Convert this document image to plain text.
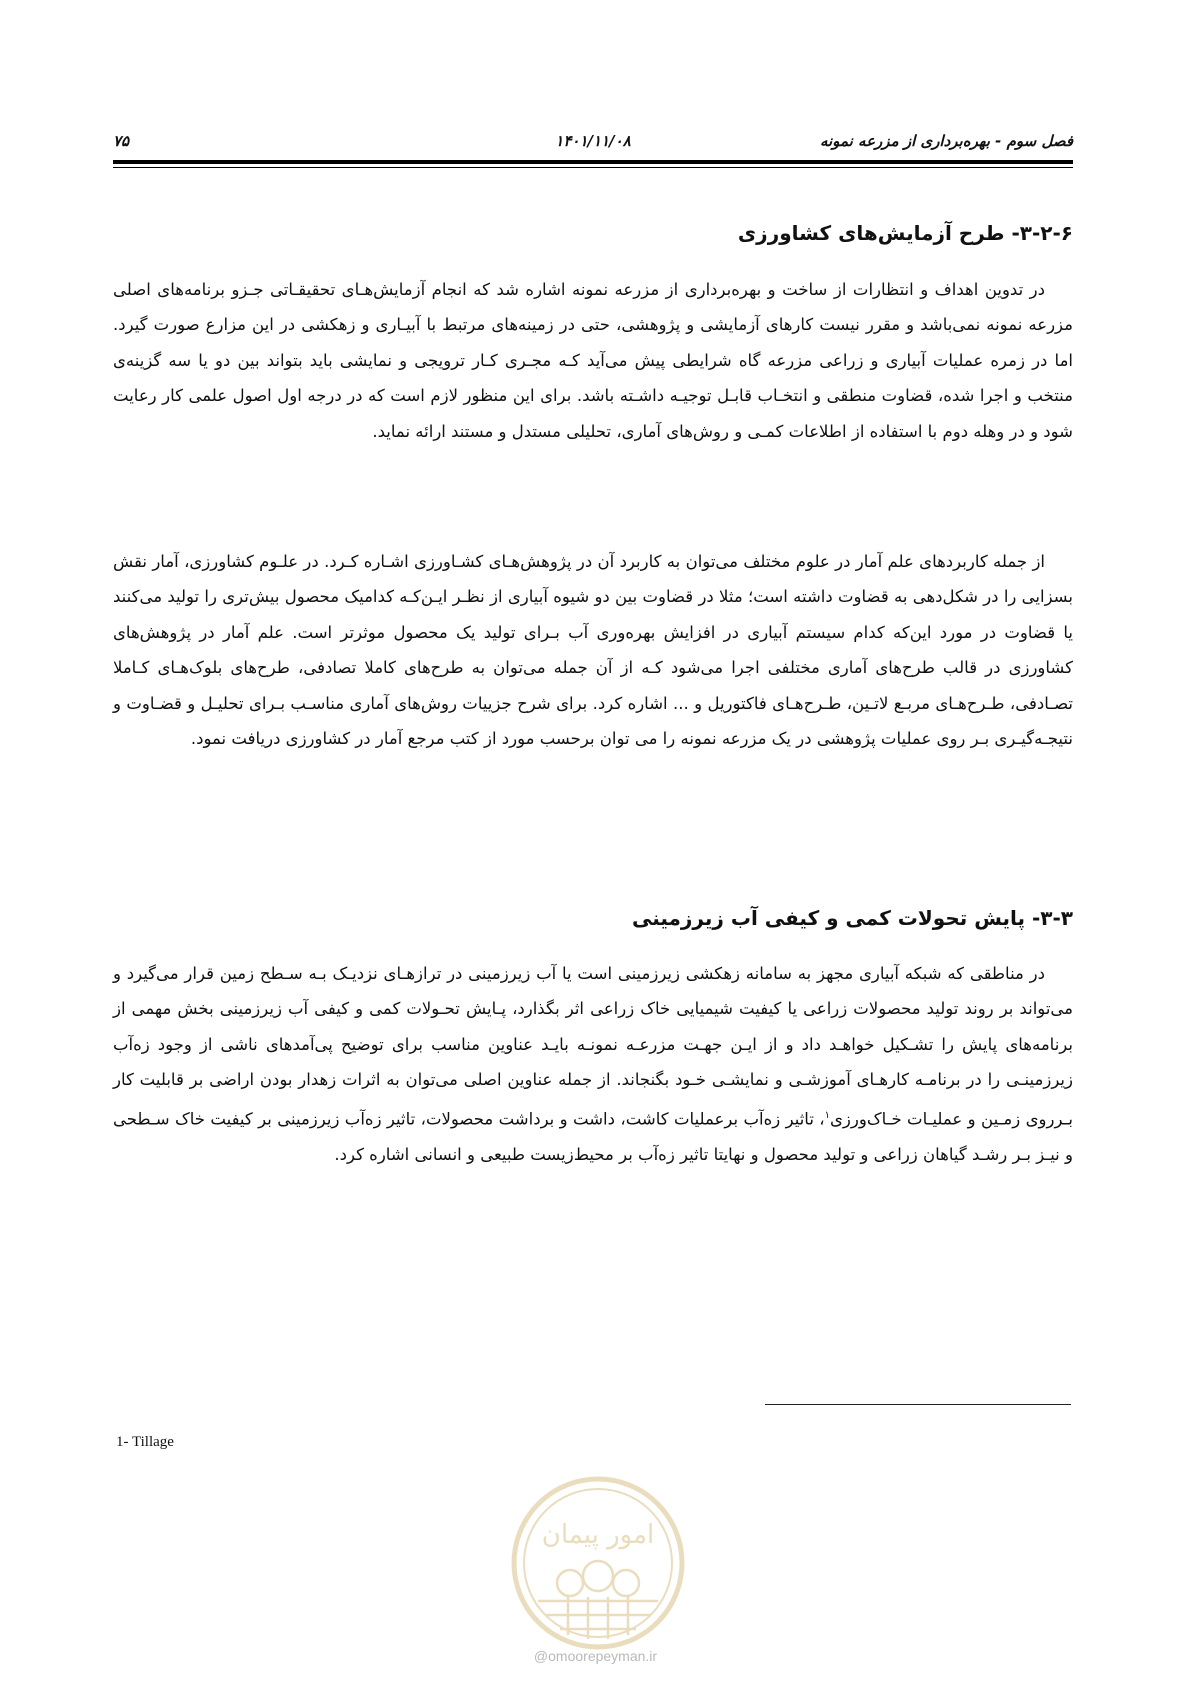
فصل سوم - بهره‌برداری از مزرعه نمونه
۱۴۰۱/۱۱/۰۸
۷۵
۳-۲-۶- طرح آزمایش‌های کشاورزی

در تدوین اهداف و انتظارات از ساخت و بهره‌برداری از مزرعه نمونه اشاره شد که انجام آزمایش‌هـای تحقیقـاتی جـزو برنامه‌های اصلی مزرعه نمونه نمی‌باشد و مقرر نیست کارهای آزمایشی و پژوهشی، حتی در زمینه‌های مرتبط با آبیـاری و زهکشی در این مزارع صورت گیرد. اما در زمره عملیات آبیاری و زراعی مزرعه گاه شرایطی پیش می‌آید کـه مجـری کـار ترویجی و نمایشی باید بتواند بین دو یا سه گزینه‌ی منتخب و اجرا شده، قضاوت منطقی و انتخـاب قابـل توجیـه داشـته باشد. برای این منظور لازم است که در درجه اول اصول علمی کار رعایت شود و در وهله دوم با استفاده از اطلاعات کمـی و روش‌های آماری، تحلیلی مستدل و مستند ارائه نماید.

از جمله کاربردهای علم آمار در علوم مختلف می‌توان به کاربرد آن در پژوهش‌هـای کشـاورزی اشـاره کـرد. در علـوم کشاورزی، آمار نقش بسزایی را در شکل‌دهی به قضاوت داشته است؛ مثلا در قضاوت بین دو شیوه آبیاری از نظـر ایـن‌کـه کدامیک محصول بیش‌تری را تولید می‌کنند یا قضاوت در مورد این‌که کدام سیستم آبیاری در افزایش بهره‌وری آب بـرای تولید یک محصول موثرتر است. علم آمار در پژوهش‌های کشاورزی در قالب طرح‌های آماری مختلفی اجرا می‌شود کـه از آن جمله می‌توان به طرح‌های کاملا تصادفی، طرح‌های بلوک‌هـای کـاملا تصـادفی، طـرح‌هـای مربـع لاتـین، طـرح‌هـای فاکتوریل و ... اشاره کرد. برای شرح جزییات روش‌های آماری مناسـب بـرای تحلیـل و قضـاوت و نتیجـه‌گیـری بـر روی عملیات پژوهشی در یک مزرعه نمونه را می توان برحسب مورد از کتب مرجع آمار در کشاورزی دریافت نمود.

۳-۳- پایش تحولات کمی و کیفی آب زیرزمینی

در مناطقی که شبکه آبیاری مجهز به سامانه زهکشی زیرزمینی است یا آب زیرزمینی در ترازهـای نزدیـک بـه سـطح زمین قرار می‌گیرد و می‌تواند بر روند تولید محصولات زراعی یا کیفیت شیمیایی خاک زراعی اثر بگذارد، پـایش تحـولات کمی و کیفی آب زیرزمینی بخش مهمی از برنامه‌های پایش را تشـکیل خواهـد داد و از ایـن جهـت مزرعـه نمونـه بایـد عناوین مناسب برای توضیح پی‌آمدهای ناشی از وجود زه‌آب زیرزمینـی را در برنامـه کارهـای آموزشـی و نمایشـی خـود بگنجاند. از جمله عناوین اصلی می‌توان به اثرات زهدار بودن اراضی بر قابلیت کار بـرروی زمـین و عملیـات خـاک‌ورزی$^۱$، تاثیر زه‌آب برعملیات کاشت، داشت و برداشت محصولات، تاثیر زه‌آب زیرزمینی بر کیفیت خاک سـطحی و نیـز بـر رشـد گیاهان زراعی و تولید محصول و نهایتا تاثیر زه‌آب بر محیط‌زیست طبیعی و انسانی اشاره کرد.

1- Tillage
امور پیمان
@omoorepeyman.ir
